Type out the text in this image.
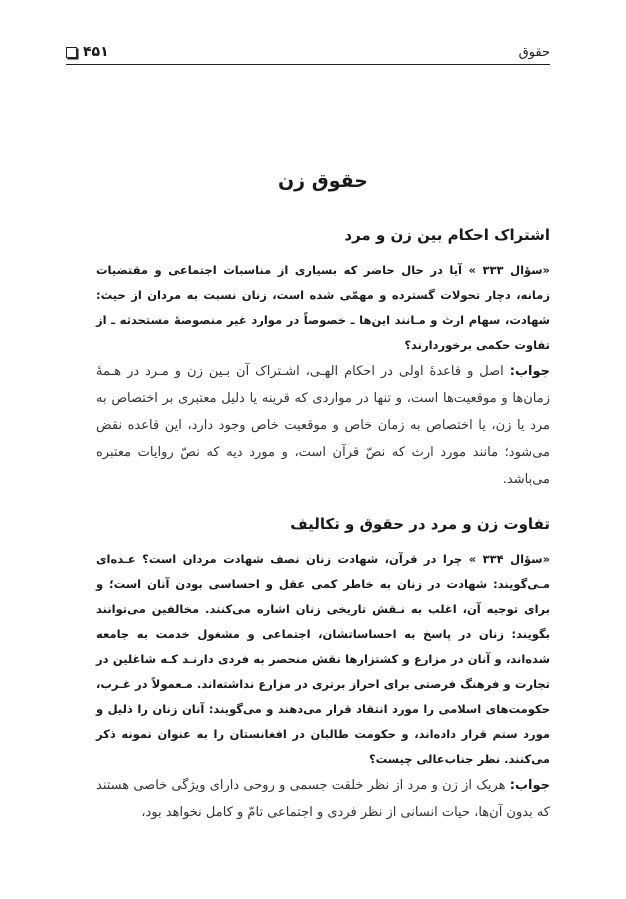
حقوق
۴۵۱
حقوق زن
اشتراک احکام بین زن و مرد

«سؤال ۳۳۳ » آیا در حال حاضر که بسیاری از مناسبات اجتماعی و مقتضیات زمانه، دچار تحولات گسترده و مهمّی شده است، زنان نسبت به مردان از حیث: شهادت، سهام ارث و مـانند این‌ها ـ خصوصاً در موارد غیر منصوصهٔ مستحدثه ـ از تفاوت حکمی برخوردارند؟

جواب: اصل و قاعدهٔ اولی در احکام الهـی، اشـتراک آن بـین زن و مـرد در هـمهٔ زمان‌ها و موقعیت‌ها است، و تنها در مواردی که قرینه یا دلیل معتبری بر اختصاص به مرد یا زن، یا اختصاص به زمان خاص و موقعیت خاص وجود دارد، این قاعده نقض می‌شود؛ مانند مورد ارث که نصّ قرآن است، و مورد دیه که نصّ روایات معتبره می‌باشد.

تفاوت زن و مرد در حقوق و تکالیف

«سؤال ۳۳۴ » چرا در قرآن، شهادت زنان نصف شهادت مردان است؟ عـده‌ای مـی‌گویند: شهادت در زنان به خاطر کمی عقل و احساسی بودن آنان است؛ و برای توجیه آن، اغلب به نـقش تاریخی زنان اشاره می‌کنند. مخالفین می‌توانند بگویند: زنان در پاسخ به احساساتشان، اجتماعی و مشغول خدمت به جامعه شده‌اند، و آنان در مزارع و کشتزارها نقش منحصر به فردی دارنـد کـه شاغلین در تجارت و فرهنگ فرصتی برای احراز برتری در مزارع نداشته‌اند. مـعمولاً در غـرب، حکومت‌های اسلامی را مورد انتقاد قرار می‌دهند و می‌گویند: آنان زنان را ذلیل و مورد ستم قرار داده‌اند، و حکومت طالبان در افغانستان را به عنوان نمونه ذکر می‌کنند. نظر جناب‌عالی چیست؟

جواب: هریک از زن و مرد از نظر خلقت جسمی و روحی دارای ویژگی خاصی هستند که بدون آن‌ها، حیات انسانی از نظر فردی و اجتماعی تامّ و کامل نخواهد بود،
